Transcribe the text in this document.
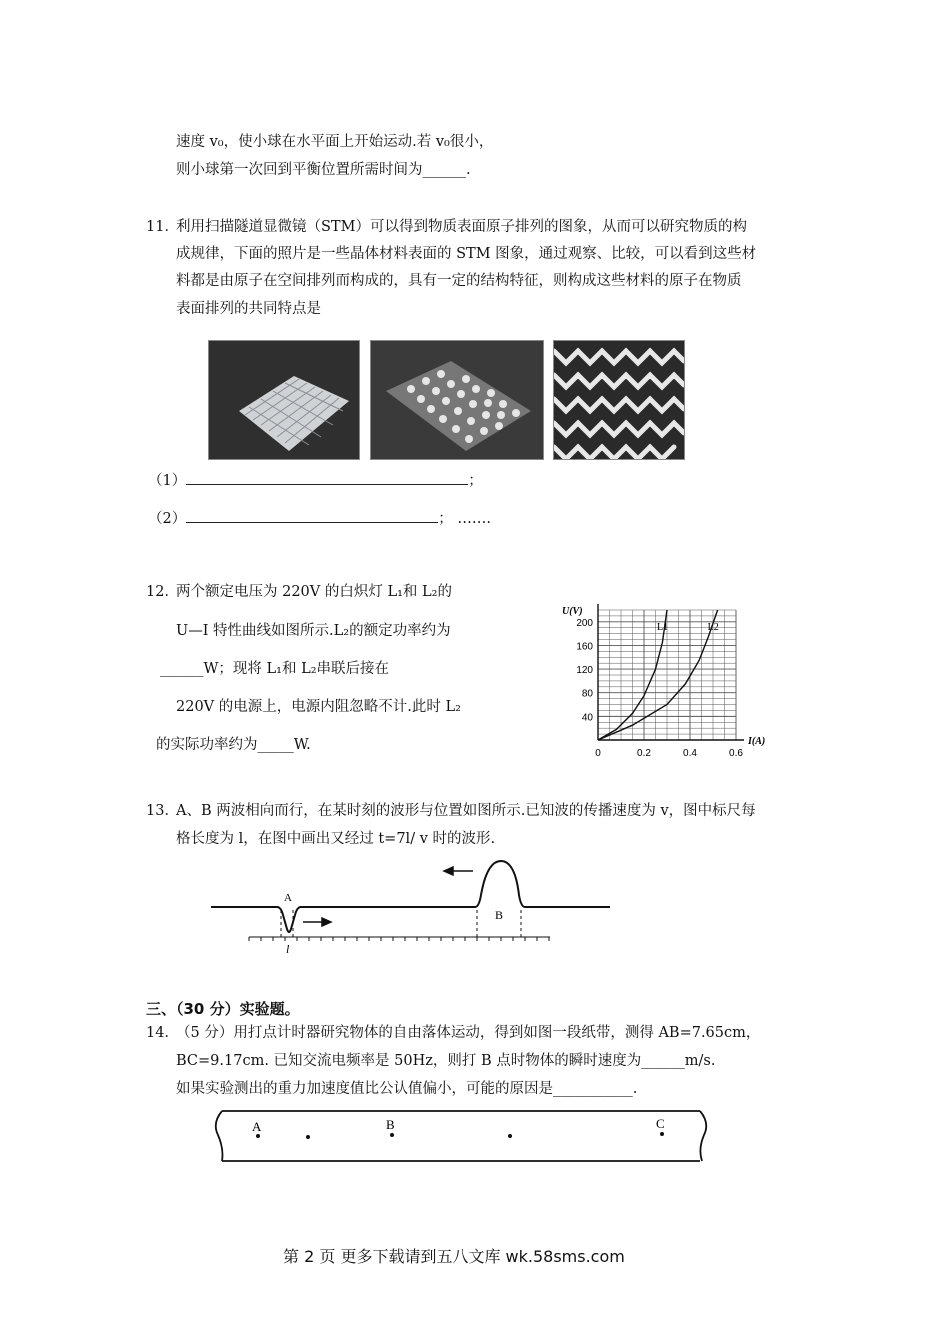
速度 v₀，使小球在水平面上开始运动.若 v₀很小，
则小球第一次回到平衡位置所需时间为______.
11．
利用扫描隧道显微镜（STM）可以得到物质表面原子排列的图象，从而可以研究物质的构
成规律，下面的照片是一些晶体材料表面的 STM 图象，通过观察、比较，可以看到这些材
料都是由原子在空间排列而构成的，具有一定的结构特征，则构成这些材料的原子在物质
表面排列的共同特点是
（1）	；
（2）	； …….
12．
两个额定电压为 220V 的白炽灯 L₁和 L₂的
U—I 特性曲线如图所示.L₂的额定功率约为
______W；现将 L₁和 L₂串联后接在
220V 的电源上，电源内阻忽略不计.此时 L₂
的实际功率约为_____W.
0	0.2	0.4	0.6
40
80
120
160
200
U(V)
I(A)
L1	L2
13．
A、B 两波相向而行，在某时刻的波形与位置如图所示.已知波的传播速度为 v，图中标尺每
格长度为 l，在图中画出又经过 t=7l/ v 时的波形.
A
B
l
三、（30 分）实验题。
14．
（5 分）用打点计时器研究物体的自由落体运动，得到如图一段纸带，测得 AB=7.65cm，
BC=9.17cm. 已知交流电频率是 50Hz，则打 B 点时物体的瞬时速度为______m/s.
如果实验测出的重力加速度值比公认值偏小，可能的原因是___________.
A	B	C
第 2 页 更多下载请到五八文库 wk.58sms.com
